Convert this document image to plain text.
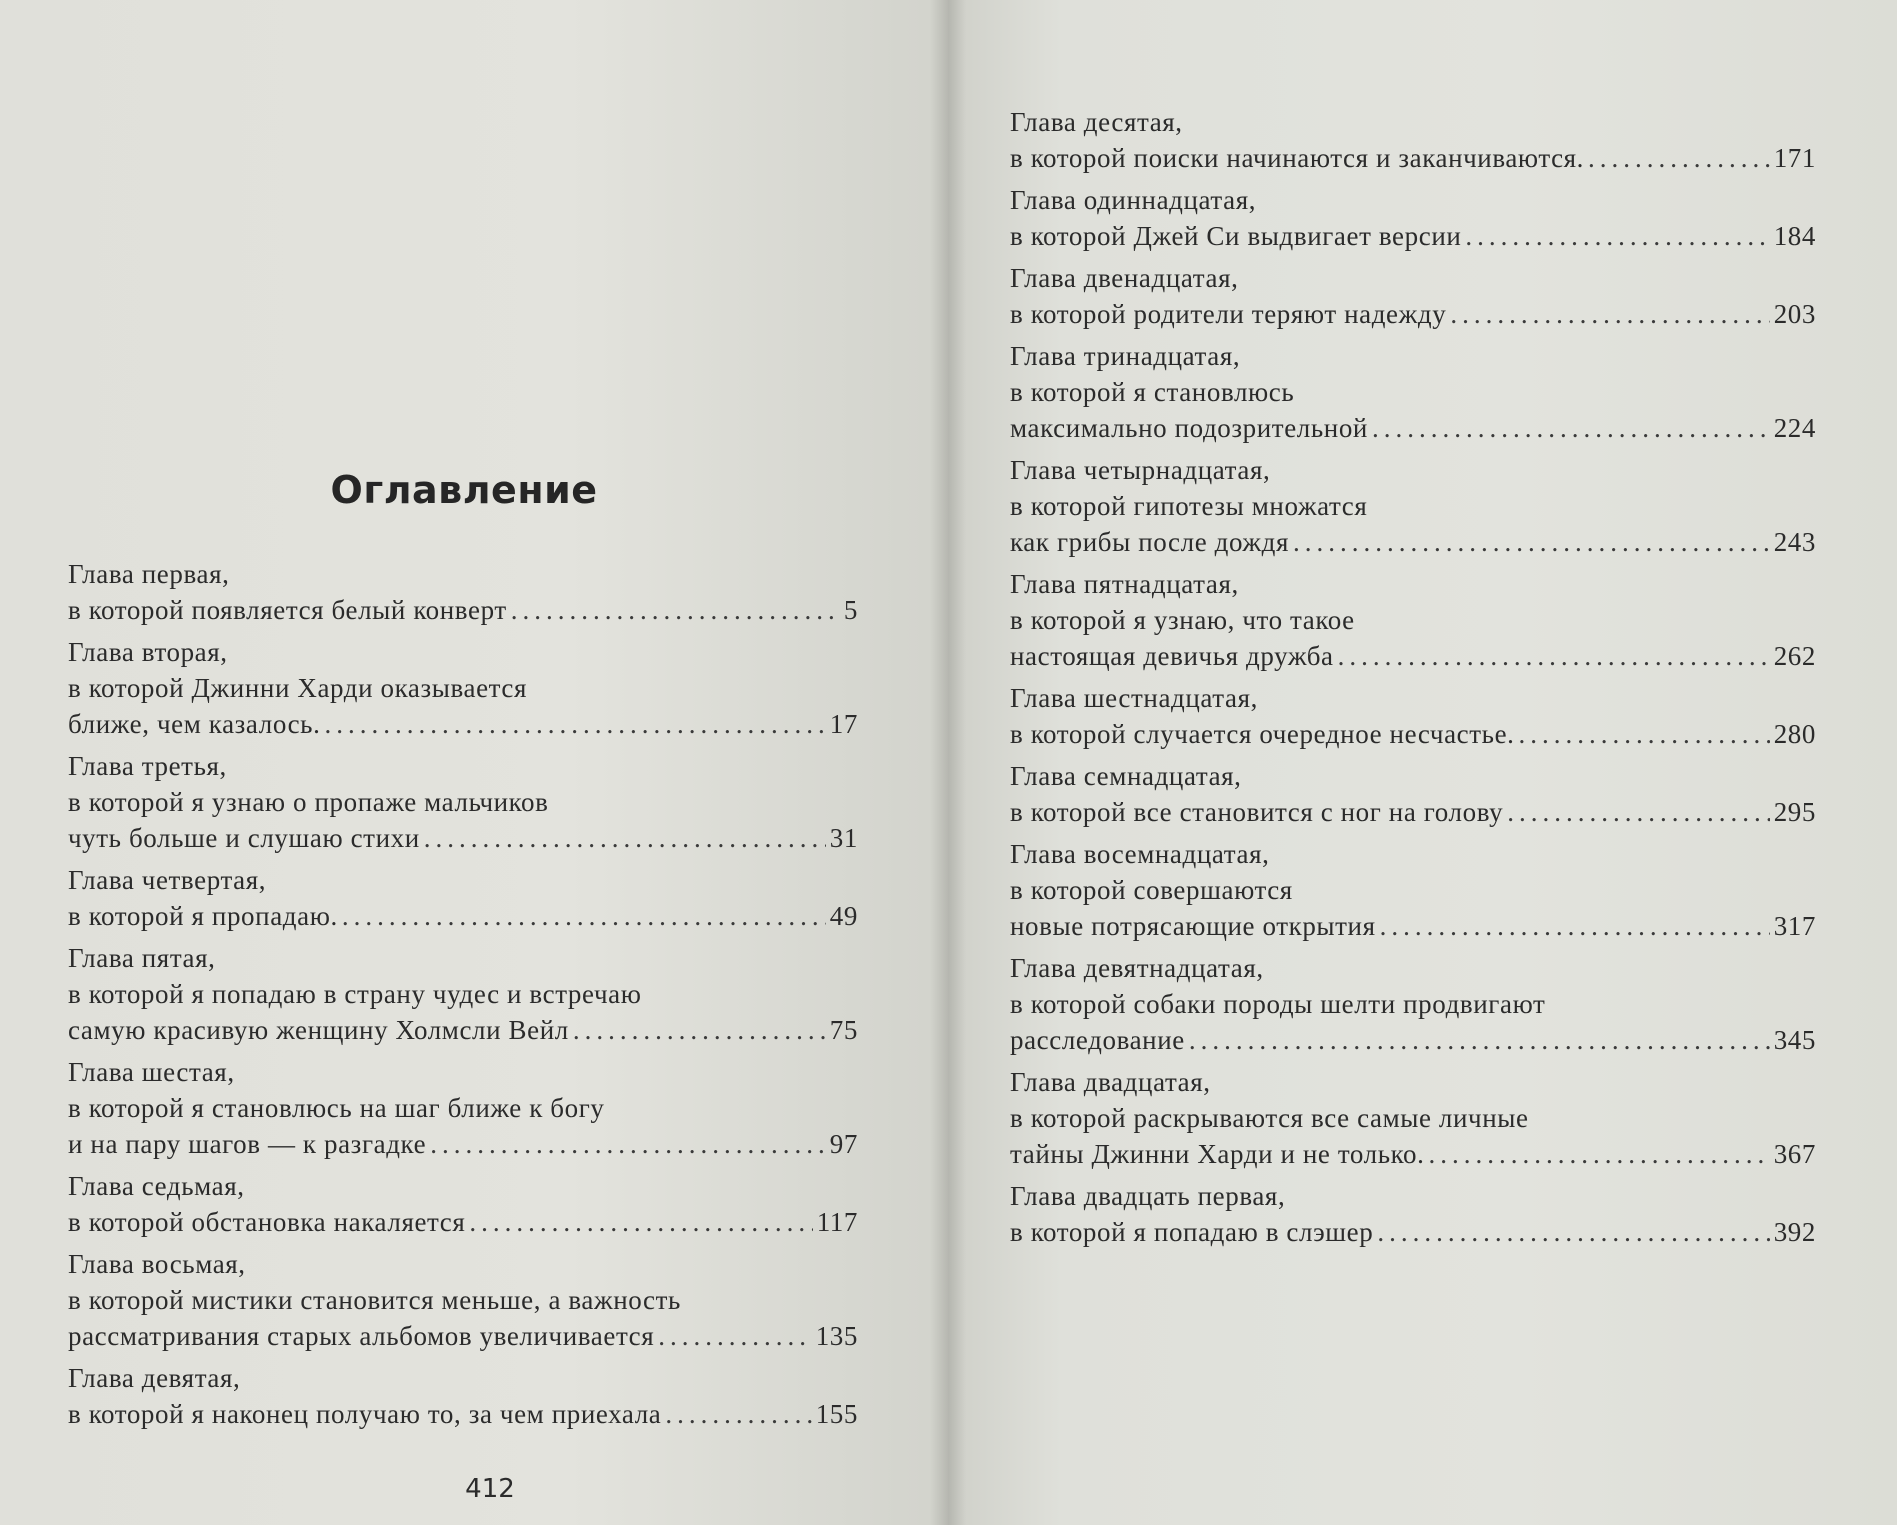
Оглавление
Глава первая,
в которой появляется белый конверт .....	5
Глава вторая,
в которой Джинни Харди оказывается
ближе, чем казалось. .....	17
Глава третья,
в которой я узнаю о пропаже мальчиков
чуть больше и слушаю стихи .....	31
Глава четвертая,
в которой я пропадаю. .....	49
Глава пятая,
в которой я попадаю в страну чудес и встречаю
самую красивую женщину Холмсли Вейл .....	75
Глава шестая,
в которой я становлюсь на шаг ближе к богу
и на пару шагов — к разгадке .....	97
Глава седьмая,
в которой обстановка накаляется .....	117
Глава восьмая,
в которой мистики становится меньше, а важность
рассматривания старых альбомов увеличивается .....	135
Глава девятая,
в которой я наконец получаю то, за чем приехала .....	155
412
Глава десятая,
в которой поиски начинаются и заканчиваются. .....	171
Глава одиннадцатая,
в которой Джей Си выдвигает версии .....	184
Глава двенадцатая,
в которой родители теряют надежду .....	203
Глава тринадцатая,
в которой я становлюсь
максимально подозрительной .....	224
Глава четырнадцатая,
в которой гипотезы множатся
как грибы после дождя .....	243
Глава пятнадцатая,
в которой я узнаю, что такое
настоящая девичья дружба .....	262
Глава шестнадцатая,
в которой случается очередное несчастье. .....	280
Глава семнадцатая,
в которой все становится с ног на голову .....	295
Глава восемнадцатая,
в которой совершаются
новые потрясающие открытия .....	317
Глава девятнадцатая,
в которой собаки породы шелти продвигают
расследование .....	345
Глава двадцатая,
в которой раскрываются все самые личные
тайны Джинни Харди и не только. .....	367
Глава двадцать первая,
в которой я попадаю в слэшер .....	392
